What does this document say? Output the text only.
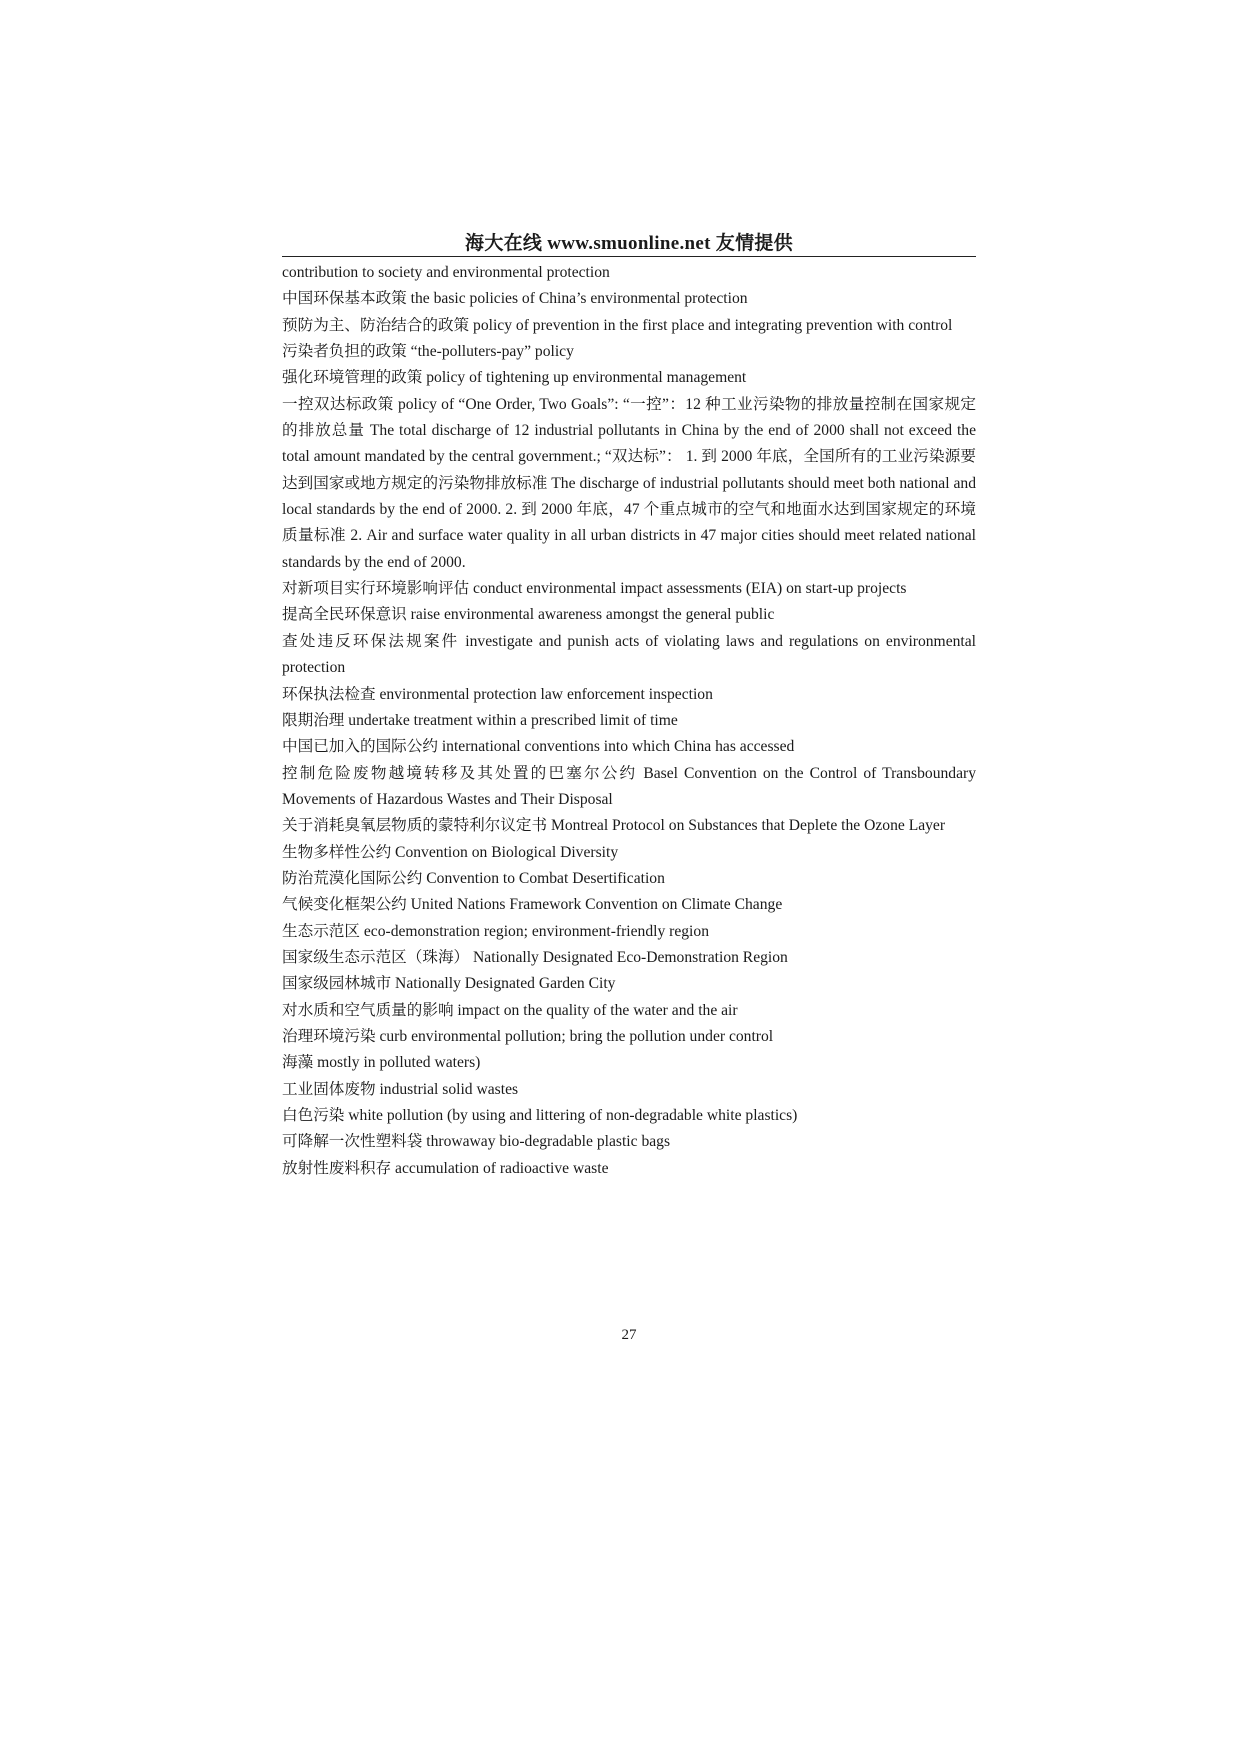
海大在线 www.smuonline.net 友情提供

contribution to society and environmental protection

中国环保基本政策 the basic policies of China’s environmental protection

预防为主、防治结合的政策 policy of prevention in the first place and integrating prevention with control

污染者负担的政策 “the-polluters-pay” policy

强化环境管理的政策 policy of tightening up environmental management

一控双达标政策 policy of “One Order, Two Goals”: “一控”：12 种工业污染物的排放量控制在国家规定的排放总量 The total discharge of 12 industrial pollutants in China by the end of 2000 shall not exceed the total amount mandated by the central government.; “双达标”： 1. 到 2000 年底，全国所有的工业污染源要达到国家或地方规定的污染物排放标准 The discharge of industrial pollutants should meet both national and local standards by the end of 2000. 2. 到 2000 年底，47 个重点城市的空气和地面水达到国家规定的环境质量标准 2. Air and surface water quality in all urban districts in 47 major cities should meet related national standards by the end of 2000.

对新项目实行环境影响评估 conduct environmental impact assessments (EIA) on start-up projects

提高全民环保意识 raise environmental awareness amongst the general public

查处违反环保法规案件 investigate and punish acts of violating laws and regulations on environmental protection

环保执法检查 environmental protection law enforcement inspection

限期治理 undertake treatment within a prescribed limit of time

中国已加入的国际公约 international conventions into which China has accessed

控制危险废物越境转移及其处置的巴塞尔公约 Basel Convention on the Control of Transboundary Movements of Hazardous Wastes and Their Disposal

关于消耗臭氧层物质的蒙特利尔议定书 Montreal Protocol on Substances that Deplete the Ozone Layer

生物多样性公约 Convention on Biological Diversity

防治荒漠化国际公约 Convention to Combat Desertification

气候变化框架公约 United Nations Framework Convention on Climate Change

生态示范区 eco-demonstration region; environment-friendly region

国家级生态示范区（珠海） Nationally Designated Eco-Demonstration Region

国家级园林城市 Nationally Designated Garden City

对水质和空气质量的影响 impact on the quality of the water and the air

治理环境污染 curb environmental pollution; bring the pollution under control

海藻 mostly in polluted waters)

工业固体废物 industrial solid wastes

白色污染 white pollution (by using and littering of non-degradable white plastics)

可降解一次性塑料袋 throwaway bio-degradable plastic bags

放射性废料积存 accumulation of radioactive waste

27
